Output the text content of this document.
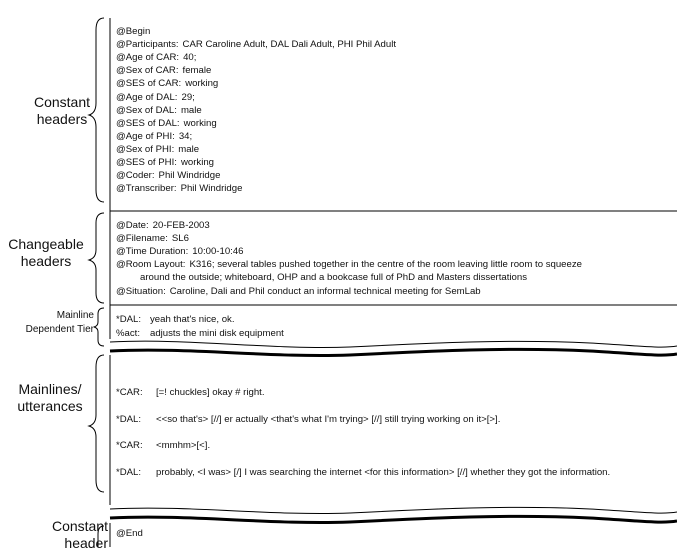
Constant
headers
Changeable
headers
Mainline
Dependent Tier
Mainlines/
utterances
Constant
header
@Begin
@Participants: CAR Caroline Adult, DAL Dali Adult, PHI Phil Adult
@Age of CAR: 40;
@Sex of CAR: female
@SES of CAR: working
@Age of DAL: 29;
@Sex of DAL: male
@SES of DAL: working
@Age of PHI: 34;
@Sex of PHI: male
@SES of PHI: working
@Coder: Phil Windridge
@Transcriber: Phil Windridge
@Date: 20-FEB-2003
@Filename: SL6
@Time Duration: 10:00-10:46
@Room Layout: K316; several tables pushed together in the centre of the room leaving little room to squeeze
around the outside; whiteboard, OHP and a bookcase full of PhD and Masters dissertations
@Situation: Caroline, Dali and Phil conduct an informal technical meeting for SemLab
*DAL: yeah that's nice, ok.
%act: adjusts the mini disk equipment
*CAR: [=! chuckles] okay # right.
*DAL: <<so that's> [//] er actually <that's what I'm trying> [//] still trying working on it>[>].
*CAR: <mmhm>[<].
*DAL: probably, <I was> [/] I was searching the internet <for this information> [//] whether they got the information.
@End
